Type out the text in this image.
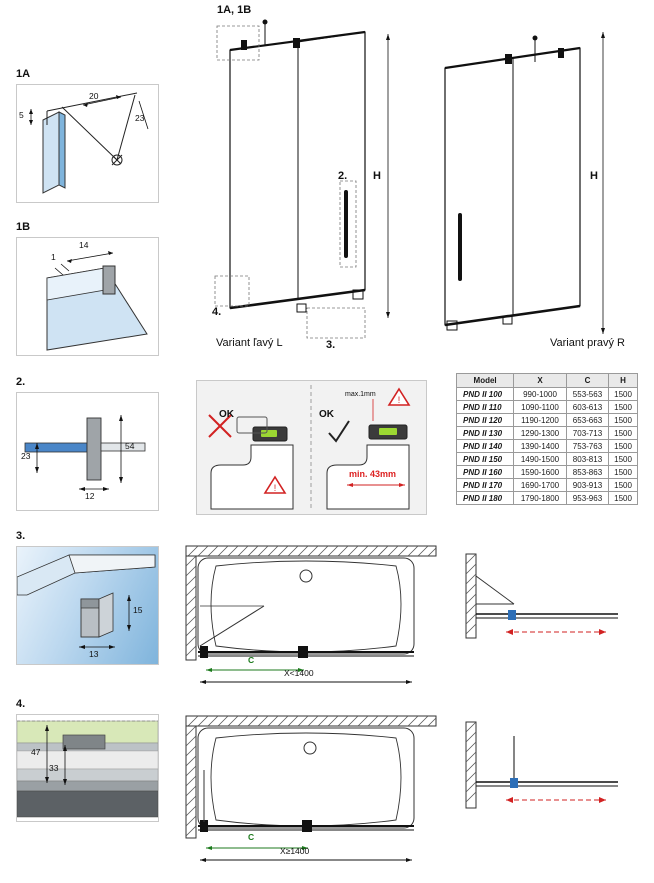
20
23
5
1A
14
1
1B
1A, 1B
2.
4.
3.
H
Variant ľavý L
H
Variant pravý R
54
23
12
2.
!
!
OK	OK
max.1mm
min. 43mm
Model	X	C	H
PND II 100	990-1000	553-563	1500
PND II 110	1090-1100	603-613	1500
PND II 120	1190-1200	653-663	1500
PND II 130	1290-1300	703-713	1500
PND II 140	1390-1400	753-763	1500
PND II 150	1490-1500	803-813	1500
PND II 160	1590-1600	853-863	1500
PND II 170	1690-1700	903-913	1500
PND II 180	1790-1800	953-963	1500
15
13
3.
47
33
4.
C
X<1400
C
X≥1400
